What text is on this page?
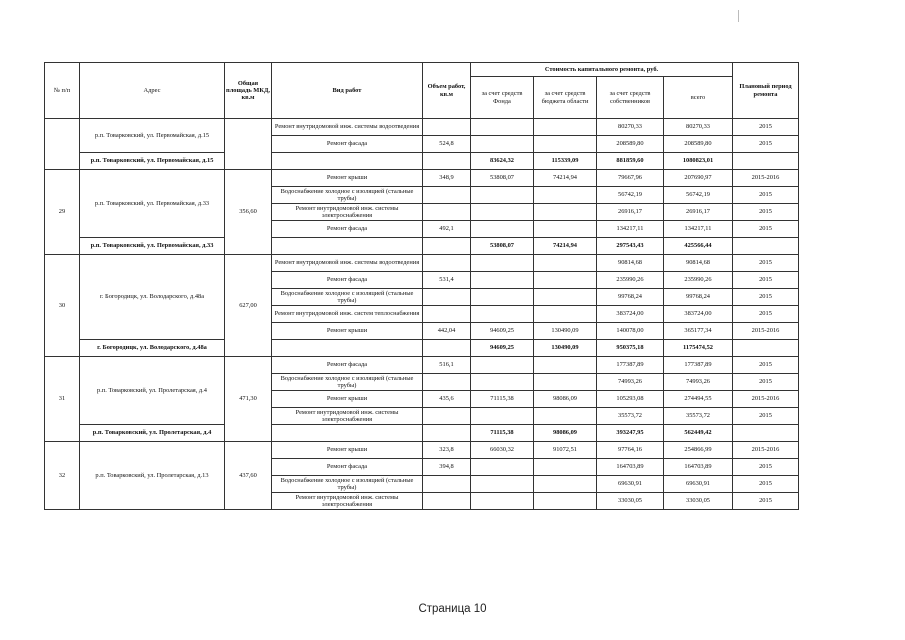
№ п/п	Адрес	Общая площадь МКД, кв.м	Вид работ	Объем работ, кв.м	Стоимость капитального ремонта, руб.				Плановый период ремонта
					за счет средств Фонда	за счет средств бюджета области	за счет средств собственников	всего	
	р.п. Товарковский, ул. Первомайская, д.15		Ремонт внутридомовой инж. системы водоотведения				80270,33	80270,33	2015
			Ремонт фасада	524,8			208589,80	208589,80	2015
	р.п. Товарковский, ул. Первомайская, д.15				83624,32	115339,09	881859,60	1080823,01	
29	р.п. Товарковский, ул. Первомайская, д.33	356,60	Ремонт крыши	348,9	53808,07	74214,94	79667,96	207690,97	2015-2016
			Водоснабжение холодное с изоляцией (стальные трубы)				56742,19	56742,19	2015
			Ремонт внутридомовой инж. системы электроснабжения				26916,17	26916,17	2015
			Ремонт фасада	492,1			134217,11	134217,11	2015
	р.п. Товарковский, ул. Первомайская, д.33				53808,07	74214,94	297543,43	425566,44	
30	г. Богородицк, ул. Володарского, д.48а	627,00	Ремонт внутридомовой инж. системы водоотведения				90814,68	90814,68	2015
			Ремонт фасада	531,4			235990,26	235990,26	2015
			Водоснабжение холодное с изоляцией (стальные трубы)				99768,24	99768,24	2015
			Ремонт внутридомовой инж. систем теплоснабжения				383724,00	383724,00	2015
			Ремонт крыши	442,04	94609,25	130490,09	140078,00	365177,34	2015-2016
	г. Богородицк, ул. Володарского, д.48а				94609,25	130490,09	950375,18	1175474,52	
31	р.п. Товарковский, ул. Пролетарская, д.4	471,30	Ремонт фасада	516,1			177387,89	177387,89	2015
			Водоснабжение холодное с изоляцией (стальные трубы)				74993,26	74993,26	2015
			Ремонт крыши	435,6	71115,38	98086,09	105293,08	274494,55	2015-2016
			Ремонт внутридомовой инж. системы электроснабжения				35573,72	35573,72	2015
	р.п. Товарковский, ул. Пролетарская, д.4				71115,38	98086,09	393247,95	562449,42	
32	р.п. Товарковский, ул. Пролетарская, д.13	437,60	Ремонт крыши	323,8	66030,32	91072,51	97764,16	254866,99	2015-2016
			Ремонт фасада	394,8			164703,89	164703,89	2015
			Водоснабжение холодное с изоляцией (стальные трубы)				69630,91	69630,91	2015
			Ремонт внутридомовой инж. системы электроснабжения				33030,05	33030,05	2015
Страница 10
